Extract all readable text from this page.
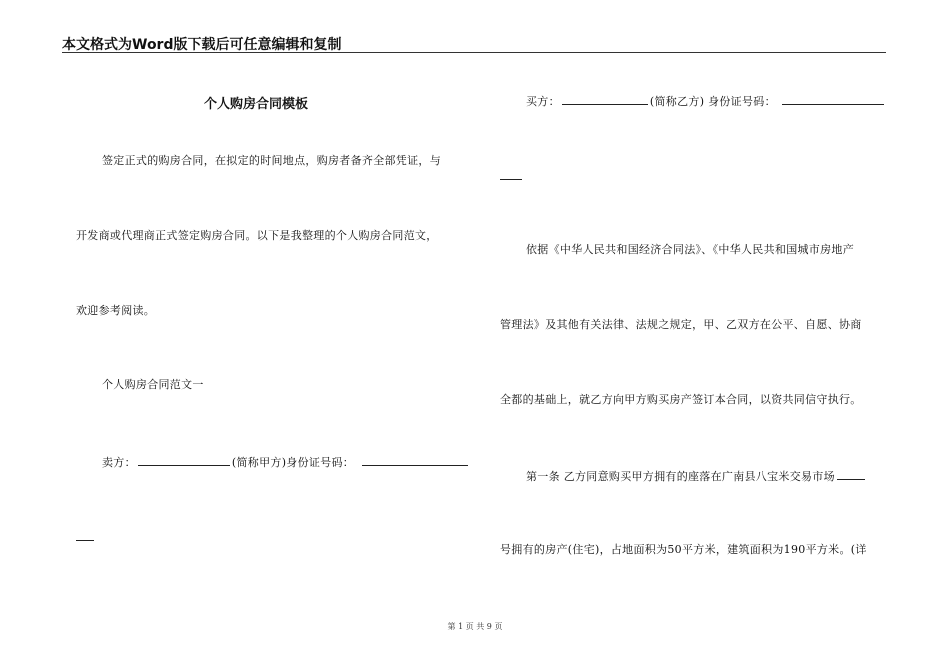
本文格式为Word版下载后可任意编辑和复制
个人购房合同模板
签定正式的购房合同，在拟定的时间地点，购房者备齐全部凭证，与
开发商或代理商正式签定购房合同。以下是我整理的个人购房合同范文，
欢迎参考阅读。
个人购房合同范文一
卖方：	(简称甲方)身份证号码：
买方：	(简称乙方) 身份证号码：
依据《中华人民共和国经济合同法》、《中华人民共和国城市房地产
管理法》及其他有关法律、法规之规定，甲、乙双方在公平、自愿、协商
全都的基础上，就乙方向甲方购买房产签订本合同，以资共同信守执行。
第一条 乙方同意购买甲方拥有的座落在广南县八宝米交易市场
号拥有的房产(住宅)，占地面积为50平方米，建筑面积为190平方米。(详
第 1 页 共 9 页
